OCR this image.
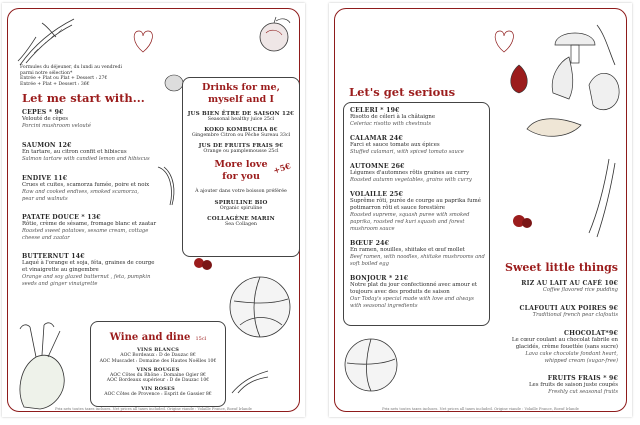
Formules du déjeuner, du lundi au vendredi
parmi notre sélection*
Entrée + Plat ou Plat + Dessert : 27€
Entrée + Plat + Dessert : 36€
Let me start with...
CEPES * 9€
Velouté de cèpes
Porcini mushroom velouté
SAUMON 12€
En tartare, au citron confit et hibiscus
Salmon tartare with candied lemon and hibiscus
ENDIVE 11€
Crues et cuites, scamorza fumée, poire et noix
Raw and cooked endives, smoked scamorza,
pear and walnuts
PATATE DOUCE * 13€
Rôtie, crème de sésame, fromage blanc et zaatar
Roasted sweet potatoes, sesame cream, cottage
cheese and zaatar
BUTTERNUT 14€
Laqué à l'orange et soja, féta, graines de courge
et vinaigrette au gingembre
Orange and soy glazed butternut , feta, pumpkin
seeds and ginger vinaigrette
Drinks for me,
myself and I
JUS BIEN ÊTRE DE SAISON 12€
Seasonal healthy juice 25cl
KOKO KOMBUCHA 8€
Gingembre Citron ou Pêche Sureau 33cl
JUS DE FRUITS FRAIS 9€
Orange ou pamplemousse 25cl
More love
for you
+5€
À ajouter dans votre boisson préférée
SPIRULINE BIO
Organic spiruline
COLLAGÈNE MARIN
Sea Collagen
Wine and dine 15cl
VINS BLANCS
AOC Bordeaux : D de Dauzac 8€
AOC Muscadet : Domaine des Hautes Noëlles 10€
VINS ROUGES
AOC Côtes du Rhône : Domaine Ogier 8€
AOC Bordeaux supérieur : D de Dauzac 10€
VIN ROSES
AOC Côtes de Provence : Esprit de Gassier 8€
Prix nets toutes taxes incluses. Net prices all taxes included. Origine viande : Volaille France, Boeuf Irlande
Let's get serious
CELERI * 19€
Risotto de céleri à la châtaigne
Celeriac risotto with chestnuts
CALAMAR 24€
Farci et sauce tomate aux épices
Stuffed calamari, with spiced tomato sauce
AUTOMNE 26€
Légumes d'automnes rôtis graines au curry
Roasted autumn vegetables, grains with curry
VOLAILLE 25€
Suprême rôti, purée de courge au paprika fumé
potimarron rôti et sauce forestière
Roasted supreme, squash puree with smoked
paprika, roasted red kuri squash and forest
mushroom sauce
BŒUF 24€
En ramen, nouilles, shiitake et œuf mollet
Beef ramen, with noodles, shiitake mushrooms and
soft boiled egg
BONJOUR * 21€
Notre plat du jour confectionné avec amour et
toujours avec des produits de saison
Our Today's special made with love and always
with seasonal ingredients
Sweet little things
RIZ AU LAIT AU CAFÉ 10€
Coffee flavored rice pudding
CLAFOUTI AUX POIRES 9€
Traditional french pear clafoutis
CHOCOLAT*9€
Le cœur coulant au chocolat fabrile en
glacidés, crème fouettée (sans sucre)
Lava cake chocolate fondant heart,
whipped cream (sugar-free)
FRUITS FRAIS * 9€
Les fruits de saison juste coupés
Freshly cut seasonal fruits
Prix nets toutes taxes incluses. Net prices all taxes included. Origine viande : Volaille France, Boeuf Irlande
